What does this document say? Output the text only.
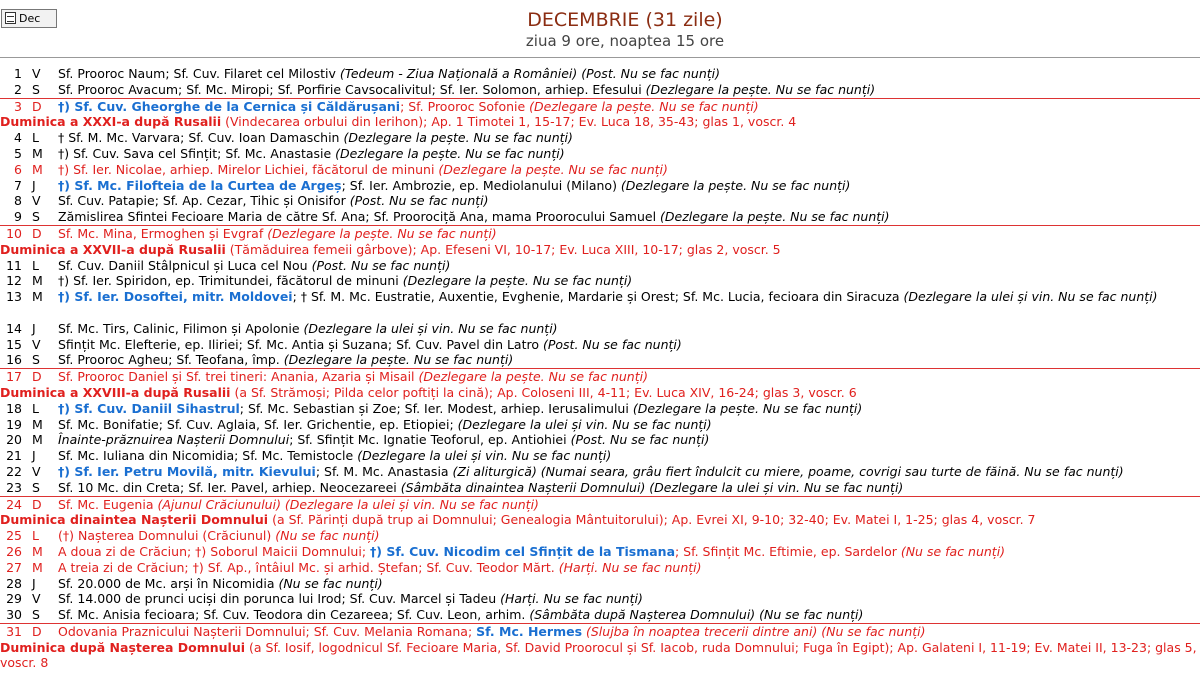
Dec	DECEMBRIE (31 zile)
ziua 9 ore, noaptea 15 ore
1 V Sf. Prooroc Naum; Sf. Cuv. Filaret cel Milostiv (Tedeum - Ziua Națională a României) (Post. Nu se fac nunți)
2 S Sf. Prooroc Avacum; Sf. Mc. Miropi; Sf. Porfirie Cavsocalivitul; Sf. Ier. Solomon, arhiep. Efesului (Dezlegare la pește. Nu se fac nunți)
3 D †) Sf. Cuv. Gheorghe de la Cernica și Căldărușani; Sf. Prooroc Sofonie (Dezlegare la pește. Nu se fac nunți)
Duminica a XXXI-a după Rusalii (Vindecarea orbului din Ierihon); Ap. 1 Timotei 1, 15-17; Ev. Luca 18, 35-43; glas 1, voscr. 4
4 L † Sf. M. Mc. Varvara; Sf. Cuv. Ioan Damaschin (Dezlegare la pește. Nu se fac nunți)
5 M †) Sf. Cuv. Sava cel Sfințit; Sf. Mc. Anastasie (Dezlegare la pește. Nu se fac nunți)
6 M †) Sf. Ier. Nicolae, arhiep. Mirelor Lichiei, făcătorul de minuni (Dezlegare la pește. Nu se fac nunți)
7 J †) Sf. Mc. Filofteia de la Curtea de Argeș; Sf. Ier. Ambrozie, ep. Mediolanului (Milano) (Dezlegare la pește. Nu se fac nunți)
8 V Sf. Cuv. Patapie; Sf. Ap. Cezar, Tihic și Onisifor (Post. Nu se fac nunți)
9 S Zămislirea Sfintei Fecioare Maria de către Sf. Ana; Sf. Proorociță Ana, mama Proorocului Samuel (Dezlegare la pește. Nu se fac nunți)
10 D Sf. Mc. Mina, Ermoghen și Evgraf (Dezlegare la pește. Nu se fac nunți)
Duminica a XXVII-a după Rusalii (Tămăduirea femeii gârbove); Ap. Efeseni VI, 10-17; Ev. Luca XIII, 10-17; glas 2, voscr. 5
11 L Sf. Cuv. Daniil Stâlpnicul și Luca cel Nou (Post. Nu se fac nunți)
12 M †) Sf. Ier. Spiridon, ep. Trimitundei, făcătorul de minuni (Dezlegare la pește. Nu se fac nunți)
13 M †) Sf. Ier. Dosoftei, mitr. Moldovei; † Sf. M. Mc. Eustratie, Auxentie, Evghenie, Mardarie și Orest; Sf. Mc. Lucia, fecioara din Siracuza (Dezlegare la ulei și vin. Nu se fac nunți)
14 J Sf. Mc. Tirs, Calinic, Filimon și Apolonie (Dezlegare la ulei și vin. Nu se fac nunți)
15 V Sfințit Mc. Elefterie, ep. Iliriei; Sf. Mc. Antia și Suzana; Sf. Cuv. Pavel din Latro (Post. Nu se fac nunți)
16 S Sf. Prooroc Agheu; Sf. Teofana, împ. (Dezlegare la pește. Nu se fac nunți)
17 D Sf. Prooroc Daniel și Sf. trei tineri: Anania, Azaria și Misail (Dezlegare la pește. Nu se fac nunți)
Duminica a XXVIII-a după Rusalii (a Sf. Strămoși; Pilda celor poftiți la cină); Ap. Coloseni III, 4-11; Ev. Luca XIV, 16-24; glas 3, voscr. 6
18 L †) Sf. Cuv. Daniil Sihastrul; Sf. Mc. Sebastian și Zoe; Sf. Ier. Modest, arhiep. Ierusalimului (Dezlegare la pește. Nu se fac nunți)
19 M Sf. Mc. Bonifatie; Sf. Cuv. Aglaia, Sf. Ier. Grichentie, ep. Etiopiei; (Dezlegare la ulei și vin. Nu se fac nunți)
20 M Înainte-prăznuirea Nașterii Domnului; Sf. Sfințit Mc. Ignatie Teoforul, ep. Antiohiei (Post. Nu se fac nunți)
21 J Sf. Mc. Iuliana din Nicomidia; Sf. Mc. Temistocle (Dezlegare la ulei și vin. Nu se fac nunți)
22 V †) Sf. Ier. Petru Movilă, mitr. Kievului; Sf. M. Mc. Anastasia (Zi aliturgică) (Numai seara, grâu fiert îndulcit cu miere, poame, covrigi sau turte de făină. Nu se fac nunți)
23 S Sf. 10 Mc. din Creta; Sf. Ier. Pavel, arhiep. Neocezareei (Sâmbăta dinaintea Nașterii Domnului) (Dezlegare la ulei și vin. Nu se fac nunți)
24 D Sf. Mc. Eugenia (Ajunul Crăciunului) (Dezlegare la ulei și vin. Nu se fac nunți)
Duminica dinaintea Nașterii Domnului (a Sf. Părinți după trup ai Domnului; Genealogia Mântuitorului); Ap. Evrei XI, 9-10; 32-40; Ev. Matei I, 1-25; glas 4, voscr. 7
25 L (†) Nașterea Domnului (Crăciunul) (Nu se fac nunți)
26 M A doua zi de Crăciun; †) Soborul Maicii Domnului; †) Sf. Cuv. Nicodim cel Sfințit de la Tismana; Sf. Sfințit Mc. Eftimie, ep. Sardelor (Nu se fac nunți)
27 M A treia zi de Crăciun; †) Sf. Ap., întâiul Mc. și arhid. Ștefan; Sf. Cuv. Teodor Mărt. (Harți. Nu se fac nunți)
28 J Sf. 20.000 de Mc. arși în Nicomidia (Nu se fac nunți)
29 V Sf. 14.000 de prunci uciși din porunca lui Irod; Sf. Cuv. Marcel și Tadeu (Harți. Nu se fac nunți)
30 S Sf. Mc. Anisia fecioara; Sf. Cuv. Teodora din Cezareea; Sf. Cuv. Leon, arhim. (Sâmbăta după Nașterea Domnului) (Nu se fac nunți)
31 D Odovania Praznicului Nașterii Domnului; Sf. Cuv. Melania Romana; Sf. Mc. Hermes (Slujba în noaptea trecerii dintre ani) (Nu se fac nunți)
Duminica după Nașterea Domnului (a Sf. Iosif, logodnicul Sf. Fecioare Maria, Sf. David Proorocul și Sf. Iacob, ruda Domnului; Fuga în Egipt); Ap. Galateni I, 11-19; Ev. Matei II, 13-23; glas 5, voscr. 8
